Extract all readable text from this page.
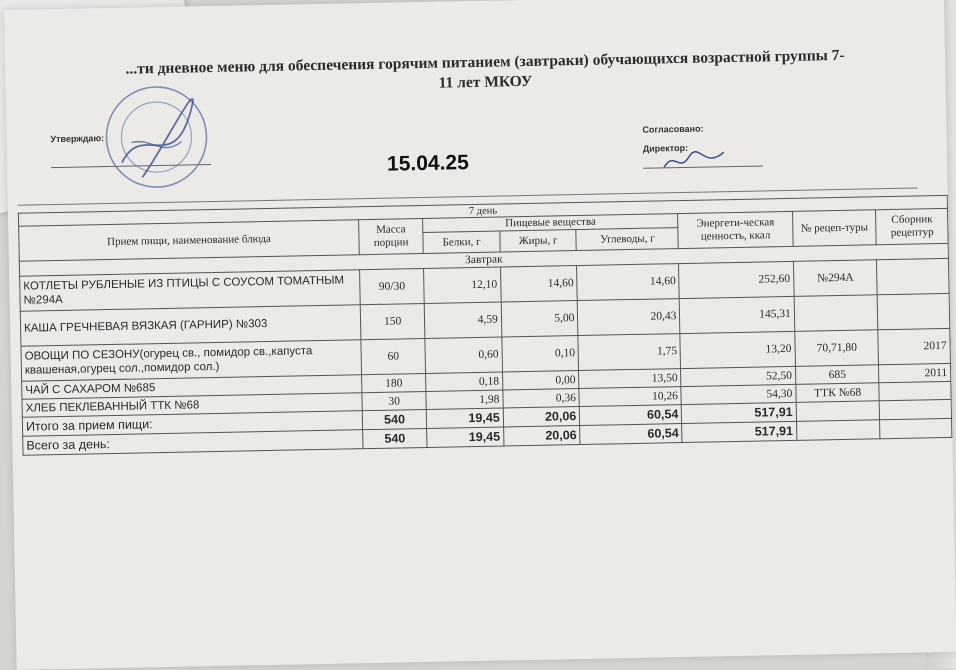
...ти дневное меню для обеспечения горячим питанием (завтраки) обучающихся возрастной группы 7-
11 лет МКОУ
Утверждаю:
15.04.25
Согласовано:
Директор:
7 день							
Прием пищи, наименование блюда	Масса порции	Пищевые вещества			Энергети-ческая ценность, ккал	№ рецеп-туры	Сборник рецептур
		Белки, г	Жиры, г	Углеводы, г			
Завтрак							
КОТЛЕТЫ РУБЛЕНЫЕ ИЗ ПТИЦЫ С СОУСОМ ТОМАТНЫМ №294А	90/30	12,10	14,60	14,60	252,60	№294А	
КАША ГРЕЧНЕВАЯ ВЯЗКАЯ (ГАРНИР) №303	150	4,59	5,00	20,43	145,31		
ОВОЩИ ПО СЕЗОНУ(огурец св., помидор св.,капуста квашеная,огурец сол.,помидор сол.)	60	0,60	0,10	1,75	13,20	70,71,80	2017
ЧАЙ С САХАРОМ №685	180	0,18	0,00	13,50	52,50	685	2011
ХЛЕБ ПЕКЛЕВАННЫЙ ТТК №68	30	1,98	0,36	10,26	54,30	ТТК №68	
Итого за прием пищи:	540	19,45	20,06	60,54	517,91		
Всего за день:	540	19,45	20,06	60,54	517,91		
